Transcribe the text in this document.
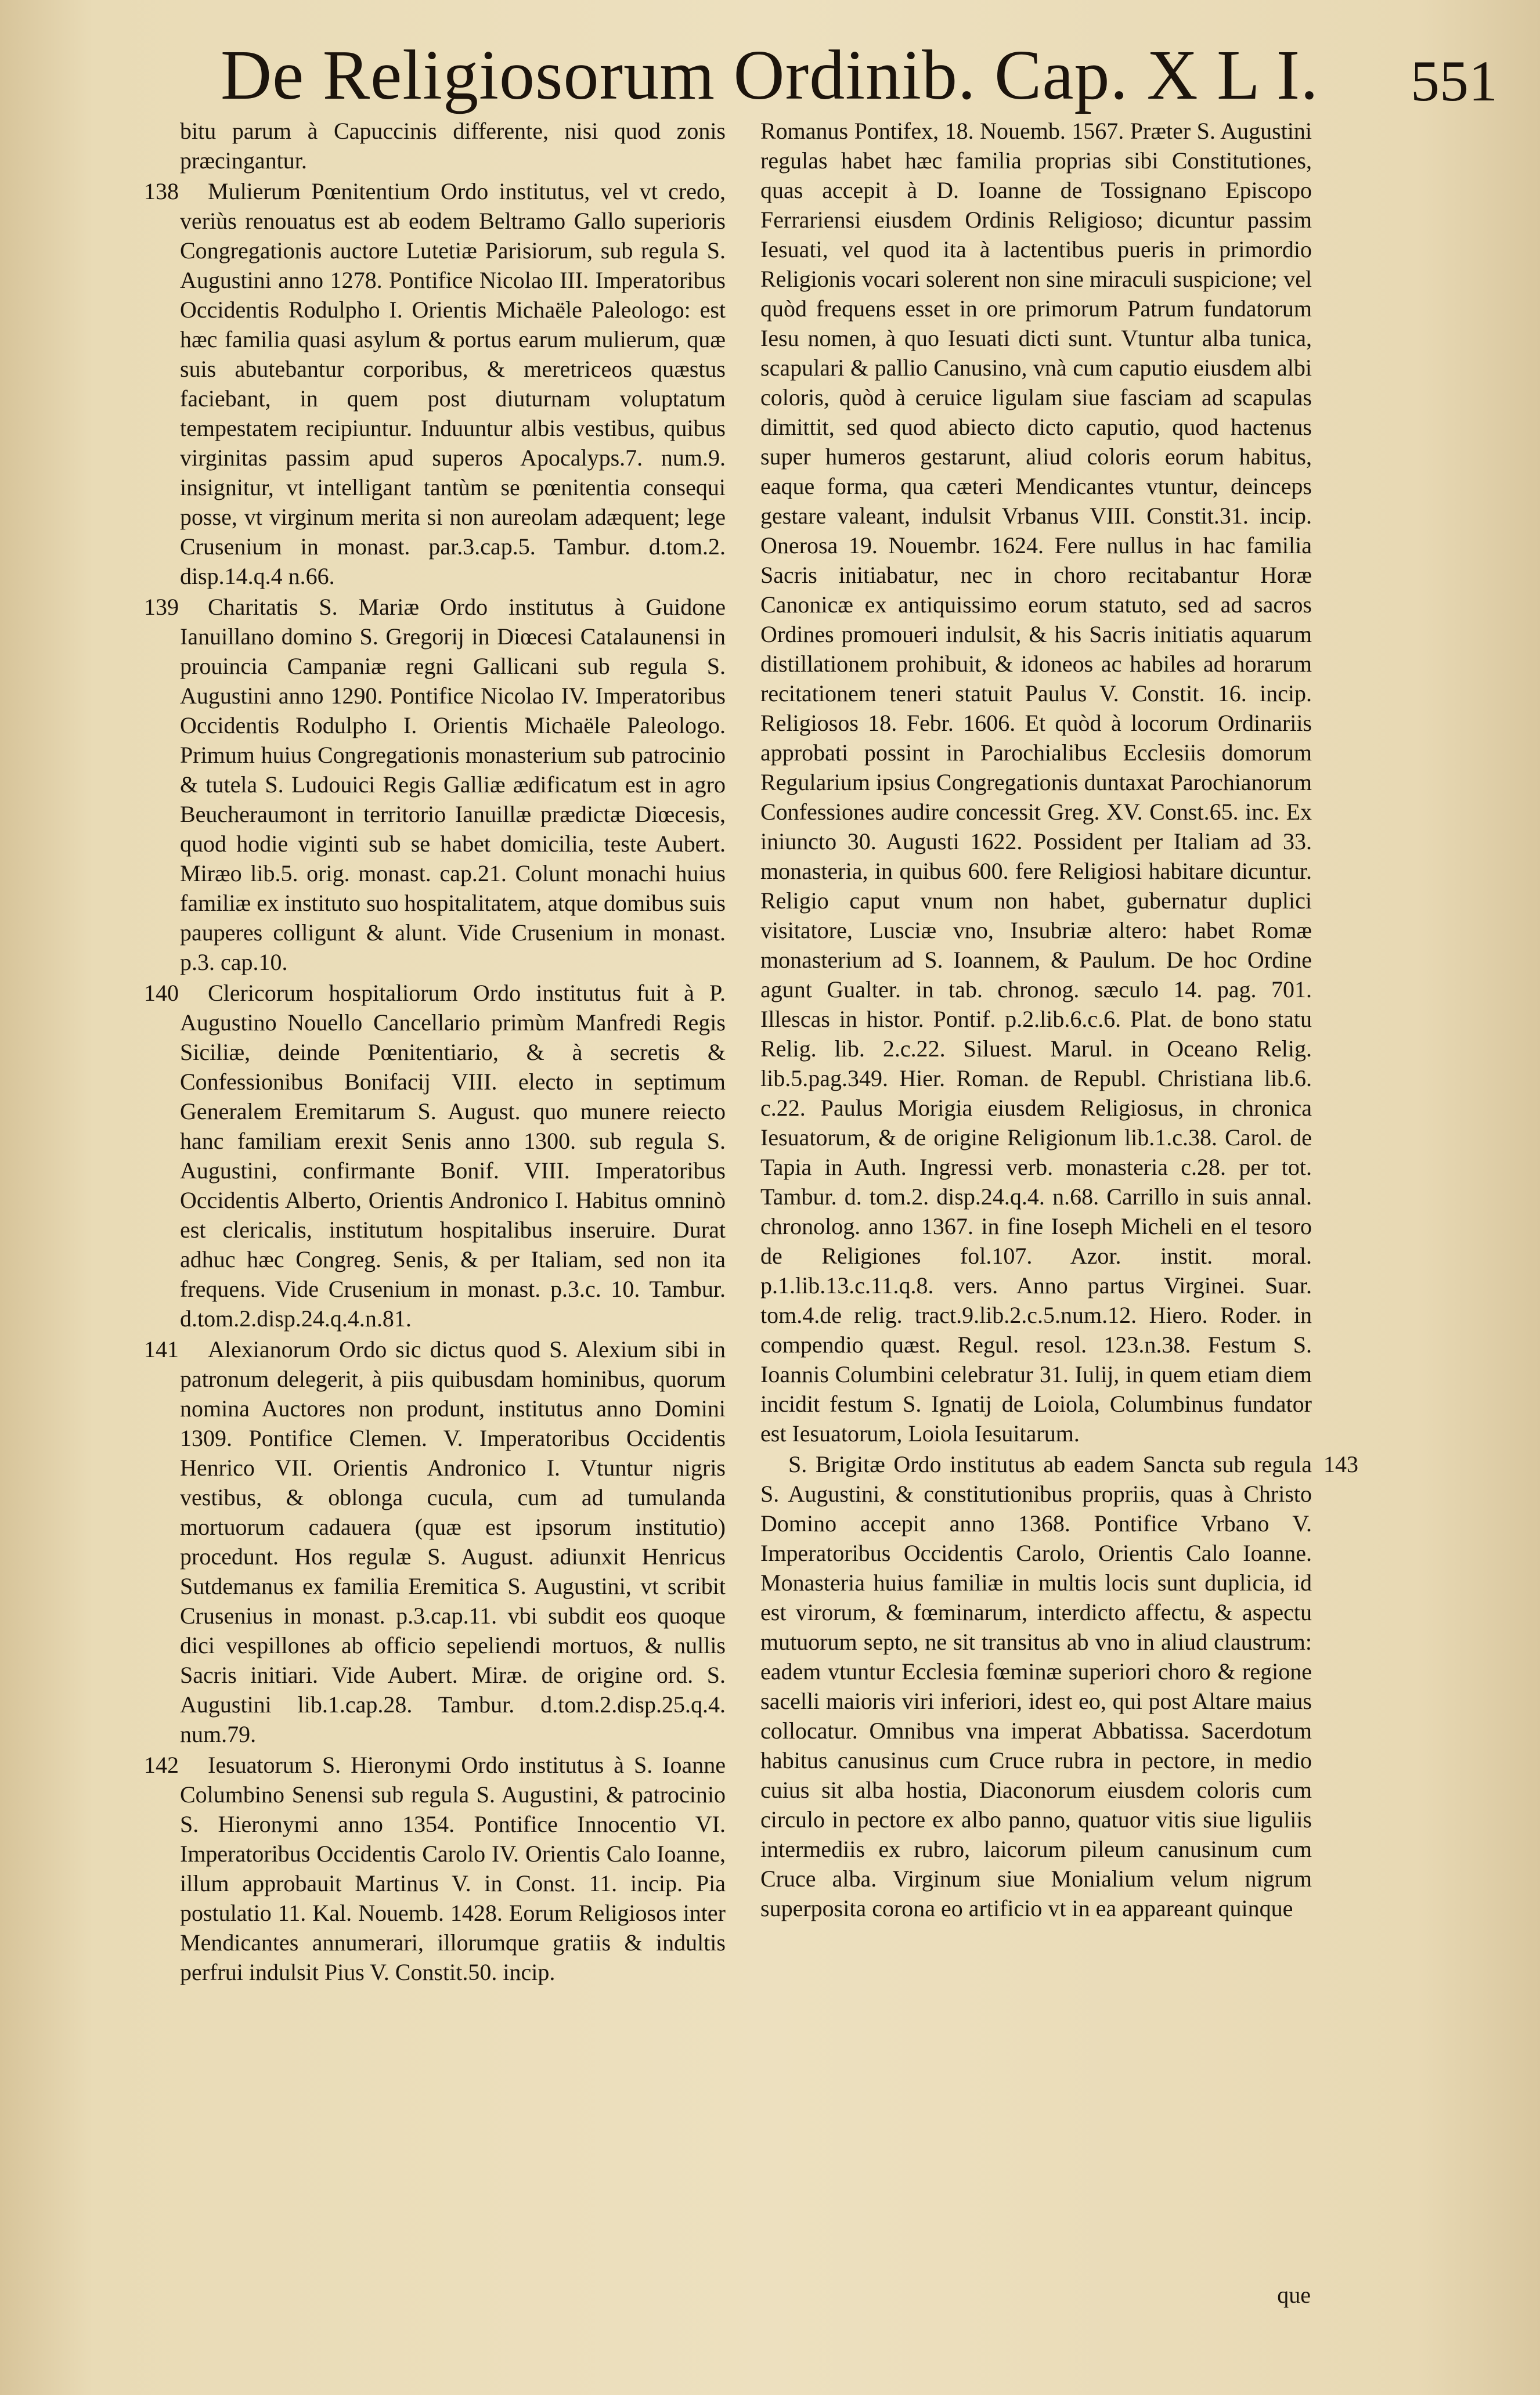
De Religiosorum Ordinib. Cap. X L I. 551

bitu parum à Capuccinis differente, nisi quod zonis præcingantur.

138 Mulierum Pœnitentium Ordo institutus, vel vt credo, veriùs renouatus est ab eodem Beltramo Gallo superioris Congregationis auctore Lutetiæ Parisiorum, sub regula S. Augustini anno 1278. Pontifice Nicolao III. Imperatoribus Occidentis Rodulpho I. Orientis Michaële Paleologo: est hæc familia quasi asylum & portus earum mulierum, quæ suis abutebantur corporibus, & meretriceos quæstus faciebant, in quem post diuturnam voluptatum tempestatem recipiuntur. Induuntur albis vestibus, quibus virginitas passim apud superos Apocalyps.7. num.9. insignitur, vt intelligant tantùm se pœnitentia consequi posse, vt virginum merita si non aureolam adæquent; lege Crusenium in monast. par.3.cap.5. Tambur. d.tom.2. disp.14.q.4 n.66.

139 Charitatis S. Mariæ Ordo institutus à Guidone Ianuillano domino S. Gregorij in Diœcesi Catalaunensi in prouincia Campaniæ regni Gallicani sub regula S. Augustini anno 1290. Pontifice Nicolao IV. Imperatoribus Occidentis Rodulpho I. Orientis Michaële Paleologo. Primum huius Congregationis monasterium sub patrocinio & tutela S. Ludouici Regis Galliæ ædificatum est in agro Beucheraumont in territorio Ianuillæ prædictæ Diœcesis, quod hodie viginti sub se habet domicilia, teste Aubert. Miræo lib.5. orig. monast. cap.21. Colunt monachi huius familiæ ex instituto suo hospitalitatem, atque domibus suis pauperes colligunt & alunt. Vide Crusenium in monast. p.3. cap.10.

140 Clericorum hospitaliorum Ordo institutus fuit à P. Augustino Nouello Cancellario primùm Manfredi Regis Siciliæ, deinde Pœnitentiario, & à secretis & Confessionibus Bonifacij VIII. electo in septimum Generalem Eremitarum S. August. quo munere reiecto hanc familiam erexit Senis anno 1300. sub regula S. Augustini, confirmante Bonif. VIII. Imperatoribus Occidentis Alberto, Orientis Andronico I. Habitus omninò est clericalis, institutum hospitalibus inseruire. Durat adhuc hæc Congreg. Senis, & per Italiam, sed non ita frequens. Vide Crusenium in monast. p.3.c. 10. Tambur. d.tom.2.disp.24.q.4.n.81.

141 Alexianorum Ordo sic dictus quod S. Alexium sibi in patronum delegerit, à piis quibusdam hominibus, quorum nomina Auctores non produnt, institutus anno Domini 1309. Pontifice Clemen. V. Imperatoribus Occidentis Henrico VII. Orientis Andronico I. Vtuntur nigris vestibus, & oblonga cucula, cum ad tumulanda mortuorum cadauera (quæ est ipsorum institutio) procedunt. Hos regulæ S. August. adiunxit Henricus Sutdemanus ex familia Eremitica S. Augustini, vt scribit Crusenius in monast. p.3.cap.11. vbi subdit eos quoque dici vespillones ab officio sepeliendi mortuos, & nullis Sacris initiari. Vide Aubert. Miræ. de origine ord. S. Augustini lib.1.cap.28. Tambur. d.tom.2.disp.25.q.4. num.79.

142 Iesuatorum S. Hieronymi Ordo institutus à S. Ioanne Columbino Senensi sub regula S. Augustini, & patrocinio S. Hieronymi anno 1354. Pontifice Innocentio VI. Imperatoribus Occidentis Carolo IV. Orientis Calo Ioanne, illum approbauit Martinus V. in Const. 11. incip. Pia postulatio 11. Kal. Nouemb. 1428. Eorum Religiosos inter Mendicantes annumerari, illorumque gratiis & indultis perfrui indulsit Pius V. Constit.50. incip.

Romanus Pontifex, 18. Nouemb. 1567. Præter S. Augustini regulas habet hæc familia proprias sibi Constitutiones, quas accepit à D. Ioanne de Tossignano Episcopo Ferrariensi eiusdem Ordinis Religioso; dicuntur passim Iesuati, vel quod ita à lactentibus pueris in primordio Religionis vocari solerent non sine miraculi suspicione; vel quòd frequens esset in ore primorum Patrum fundatorum Iesu nomen, à quo Iesuati dicti sunt. Vtuntur alba tunica, scapulari & pallio Canusino, vnà cum caputio eiusdem albi coloris, quòd à ceruice ligulam siue fasciam ad scapulas dimittit, sed quod abiecto dicto caputio, quod hactenus super humeros gestarunt, aliud coloris eorum habitus, eaque forma, qua cæteri Mendicantes vtuntur, deinceps gestare valeant, indulsit Vrbanus VIII. Constit.31. incip. Onerosa 19. Nouembr. 1624. Fere nullus in hac familia Sacris initiabatur, nec in choro recitabantur Horæ Canonicæ ex antiquissimo eorum statuto, sed ad sacros Ordines promoueri indulsit, & his Sacris initiatis aquarum distillationem prohibuit, & idoneos ac habiles ad horarum recitationem teneri statuit Paulus V. Constit. 16. incip. Religiosos 18. Febr. 1606. Et quòd à locorum Ordinariis approbati possint in Parochialibus Ecclesiis domorum Regularium ipsius Congregationis duntaxat Parochianorum Confessiones audire concessit Greg. XV. Const.65. inc. Ex iniuncto 30. Augusti 1622. Possident per Italiam ad 33. monasteria, in quibus 600. fere Religiosi habitare dicuntur. Religio caput vnum non habet, gubernatur duplici visitatore, Lusciæ vno, Insubriæ altero: habet Romæ monasterium ad S. Ioannem, & Paulum. De hoc Ordine agunt Gualter. in tab. chronog. sæculo 14. pag. 701. Illescas in histor. Pontif. p.2.lib.6.c.6. Plat. de bono statu Relig. lib. 2.c.22. Siluest. Marul. in Oceano Relig. lib.5.pag.349. Hier. Roman. de Republ. Christiana lib.6. c.22. Paulus Morigia eiusdem Religiosus, in chronica Iesuatorum, & de origine Religionum lib.1.c.38. Carol. de Tapia in Auth. Ingressi verb. monasteria c.28. per tot. Tambur. d. tom.2. disp.24.q.4. n.68. Carrillo in suis annal. chronolog. anno 1367. in fine Ioseph Micheli en el tesoro de Religiones fol.107. Azor. instit. moral. p.1.lib.13.c.11.q.8. vers. Anno partus Virginei. Suar. tom.4.de relig. tract.9.lib.2.c.5.num.12. Hiero. Roder. in compendio quæst. Regul. resol. 123.n.38. Festum S. Ioannis Columbini celebratur 31. Iulij, in quem etiam diem incidit festum S. Ignatij de Loiola, Columbinus fundator est Iesuatorum, Loiola Iesuitarum.

143
S. Brigitæ Ordo institutus ab eadem Sancta sub regula S. Augustini, & constitutionibus propriis, quas à Christo Domino accepit anno 1368. Pontifice Vrbano V. Imperatoribus Occidentis Carolo, Orientis Calo Ioanne. Monasteria huius familiæ in multis locis sunt duplicia, id est virorum, & fœminarum, interdicto affectu, & aspectu mutuorum septo, ne sit transitus ab vno in aliud claustrum: eadem vtuntur Ecclesia fœminæ superiori choro & regione sacelli maioris viri inferiori, idest eo, qui post Altare maius collocatur. Omnibus vna imperat Abbatissa. Sacerdotum habitus canusinus cum Cruce rubra in pectore, in medio cuius sit alba hostia, Diaconorum eiusdem coloris cum circulo in pectore ex albo panno, quatuor vitis siue liguliis intermediis ex rubro, laicorum pileum canusinum cum Cruce alba. Virginum siue Monialium velum nigrum superposita corona eo artificio vt in ea appareant quinque

que
